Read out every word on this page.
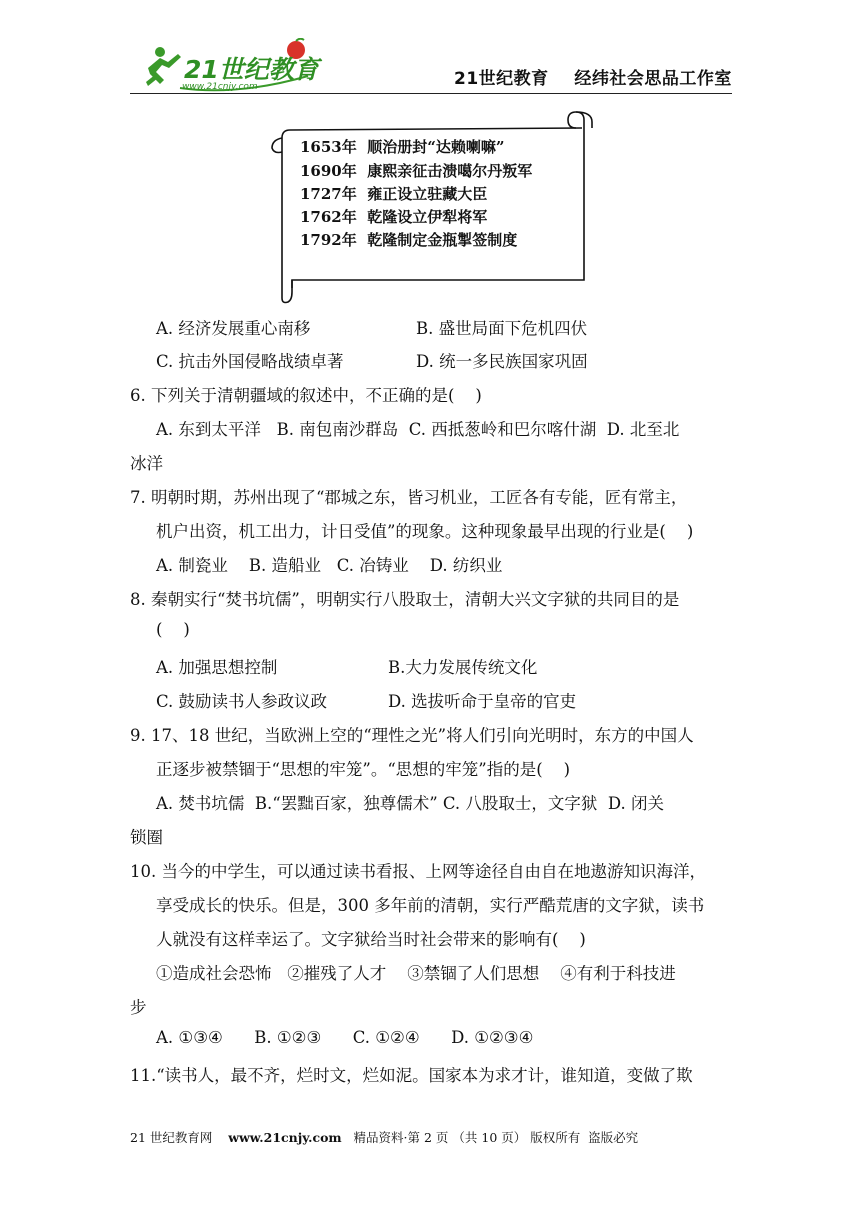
21世纪教育
www.21cnjy.com	21世纪教育    经纬社会思品工作室
1653年  顺治册封“达赖喇嘛”
1690年  康熙亲征击溃噶尔丹叛军
1727年  雍正设立驻藏大臣
1762年  乾隆设立伊犁将军
1792年  乾隆制定金瓶掣签制度
A. 经济发展重心南移	B. 盛世局面下危机四伏
C. 抗击外国侵略战绩卓著	D. 统一多民族国家巩固
6. 下列关于清朝疆域的叙述中，不正确的是(    )
A. 东到太平洋   B. 南包南沙群岛  C. 西抵葱岭和巴尔喀什湖  D. 北至北
冰洋
7. 明朝时期，苏州出现了“郡城之东，皆习机业，工匠各有专能，匠有常主，
机户出资，机工出力，计日受值”的现象。这种现象最早出现的行业是(    )
A. 制瓷业    B. 造船业   C. 冶铸业    D. 纺织业
8. 秦朝实行“焚书坑儒”，明朝实行八股取士，清朝大兴文字狱的共同目的是
(    )
A. 加强思想控制	B.大力发展传统文化
C. 鼓励读书人参政议政	D. 选拔听命于皇帝的官吏
9. 17、18 世纪，当欧洲上空的“理性之光”将人们引向光明时，东方的中国人
正逐步被禁锢于“思想的牢笼”。“思想的牢笼”指的是(    )
A. 焚书坑儒  B.“罢黜百家，独尊儒术” C. 八股取士，文字狱  D. 闭关
锁圈
10. 当今的中学生，可以通过读书看报、上网等途径自由自在地遨游知识海洋，
享受成长的快乐。但是，300 多年前的清朝，实行严酷荒唐的文字狱，读书
人就没有这样幸运了。文字狱给当时社会带来的影响有(    )
①造成社会恐怖   ②摧残了人才    ③禁锢了人们思想    ④有利于科技进
步
A. ①③④      B. ①②③      C. ①②④      D. ①②③④
11.“读书人，最不齐，烂时文，烂如泥。国家本为求才计，谁知道，变做了欺
21 世纪教育网    www.21cnjy.com   精品资料·第 2 页 （共 10 页） 版权所有  盗版必究
